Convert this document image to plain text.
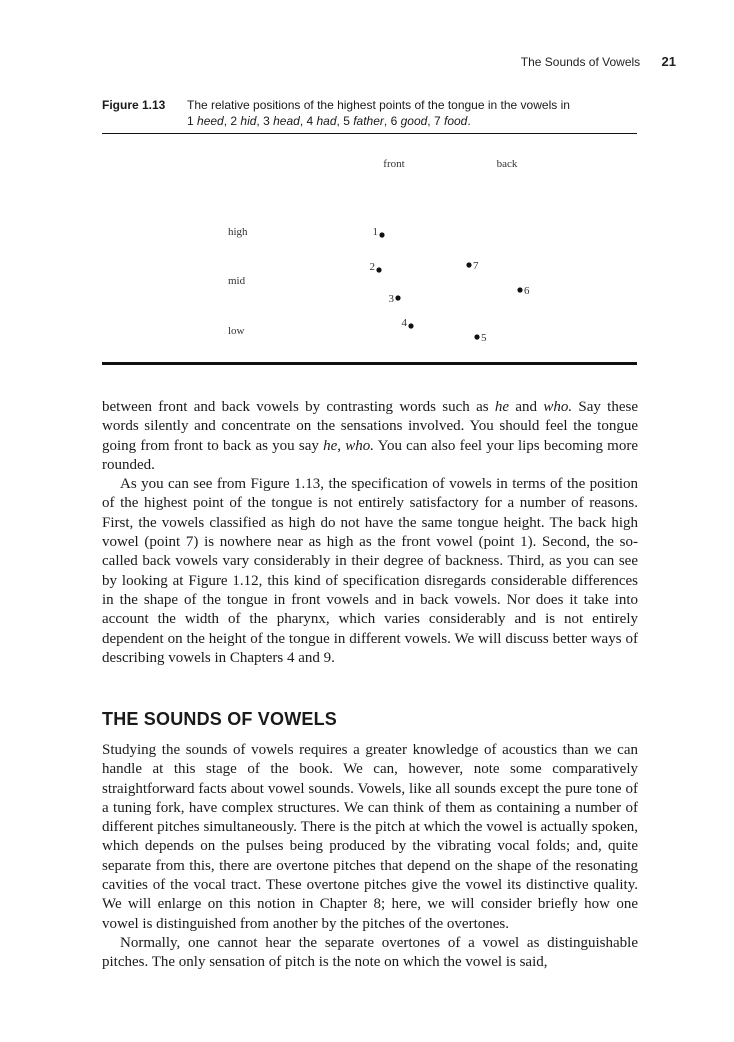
The Sounds of Vowels 21
Figure 1.13 The relative positions of the highest points of the tongue in the vowels in
1 heed, 2 hid, 3 head, 4 had, 5 father, 6 good, 7 food.
front	back
high
mid
low
1
2
3
4
5
6
7

between front and back vowels by contrasting words such as he and who. Say these words silently and concentrate on the sensations involved. You should feel the tongue going from front to back as you say he, who. You can also feel your lips becoming more rounded.

As you can see from Figure 1.13, the specification of vowels in terms of the position of the highest point of the tongue is not entirely satisfactory for a number of reasons. First, the vowels classified as high do not have the same tongue height. The back high vowel (point 7) is nowhere near as high as the front vowel (point 1). Second, the so-called back vowels vary considerably in their degree of backness. Third, as you can see by looking at Figure 1.12, this kind of specification disregards considerable differences in the shape of the tongue in front vowels and in back vowels. Nor does it take into account the width of the pharynx, which varies considerably and is not entirely dependent on the height of the tongue in different vowels. We will discuss better ways of describing vowels in Chapters 4 and 9.

THE SOUNDS OF VOWELS

Studying the sounds of vowels requires a greater knowledge of acoustics than we can handle at this stage of the book. We can, however, note some comparatively straightforward facts about vowel sounds. Vowels, like all sounds except the pure tone of a tuning fork, have complex structures. We can think of them as containing a number of different pitches simultaneously. There is the pitch at which the vowel is actually spoken, which depends on the pulses being produced by the vibrating vocal folds; and, quite separate from this, there are overtone pitches that depend on the shape of the resonating cavities of the vocal tract. These overtone pitches give the vowel its distinctive quality. We will enlarge on this notion in Chapter 8; here, we will consider briefly how one vowel is distinguished from another by the pitches of the overtones.

Normally, one cannot hear the separate overtones of a vowel as distinguishable pitches. The only sensation of pitch is the note on which the vowel is said,
